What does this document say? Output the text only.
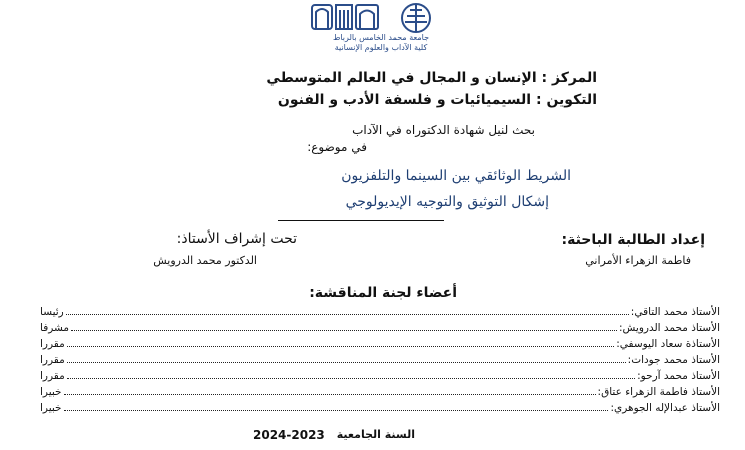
جامعة محمد الخامس بالرباط
كلية الآداب والعلوم الإنسانية
المركز : الإنسان و المجال في العالم المتوسطي
التكوين : السيميائيات و فلسفة الأدب و الفنون
بحث لنيل شهادة الدكتوراه في الآداب
في موضوع:
الشريط الوثائقي بين السينما والتلفزيون
إشكال التوثيق والتوجيه الإيديولوجي
إعداد الطالبة الباحثة:
فاطمة الزهراء الأمراني
تحت إشراف الأستاذ:
الدكتور محمد الدرويش
أعضاء لجنة المناقشة:
الأستاذ محمد التاقي:
رئيسا
الأستاذ محمد الدرويش:
مشرفا
الأستاذة سعاد اليوسفي:
مقررا
الأستاذ محمد جودات:
مقررا
الأستاذ محمد آرحو:
مقررا
الأستاذ فاطمة الزهراء عتاق:
خبيرا
الأستاذ عبدالإله الجوهري:
خبيرا
2024-2023 السنة الجامعية
